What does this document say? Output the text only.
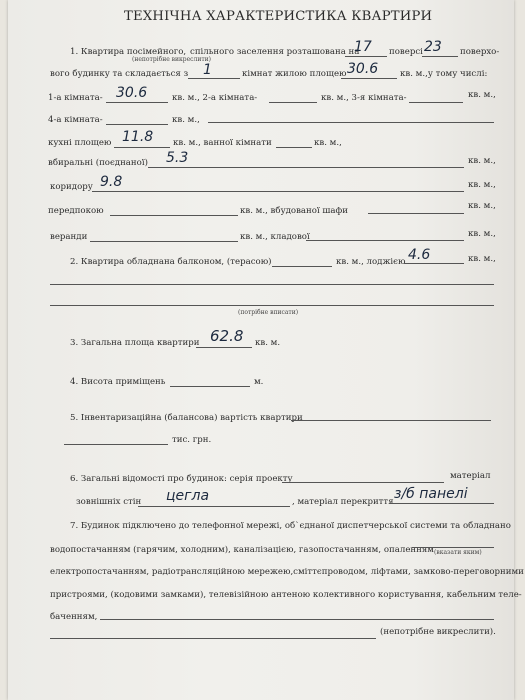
ТЕХНІЧНА ХАРАКТЕРИСТИКА КВАРТИРИ
1. Квартира посімейного, спільного заселення розташована на
17 поверсі 23 поверхо-
(непотрібне викреслити)
вого будинку та складається з 1	кімнат жилою площею 30.6	кв. м.,у тому числі:
1-а кімната- 30.6	кв. м., 2-а кімната-	кв. м., 3-я кімната-	кв. м.,
4-а кімната-	кв. м.,
кухні площею 11.8 кв. м., ванної кімнати	кв. м.,
вбиральні (поєднаної) 5.3	кв. м.,
коридору 9.8	кв. м.,
передпокою	кв. м., вбудованої шафи	кв. м.,
веранди	кв. м., кладової	кв. м.,
2. Квартира обладнана балконом, (терасою)	кв. м., лоджією 4.6	кв. м.,
(потрібне вписати)
3. Загальна площа квартири 62.8 кв. м.
4. Висота приміщень	м.
5. Інвентаризаційна (балансова) вартість квартири
тис. грн.
6. Загальні відомості про будинок: серія проекту	матеріал
зовнішніх стін цегла	, матеріал перекриття з/б панелі
7. Будинок підключено до телефонної мережі, об`єднаної диспетчерської системи та обладнано
водопостачанням (гарячим, холодним), каналізацією, газопостачанням, опаленням (вказати яким)
електропостачанням, радіотрансляційною мережею,сміттєпроводом, ліфтами, замково-переговорними
пристроями, (кодовими замками), телевізійною антеною колективного користування, кабельним теле-
баченням,
(непотрібне викреслити).
